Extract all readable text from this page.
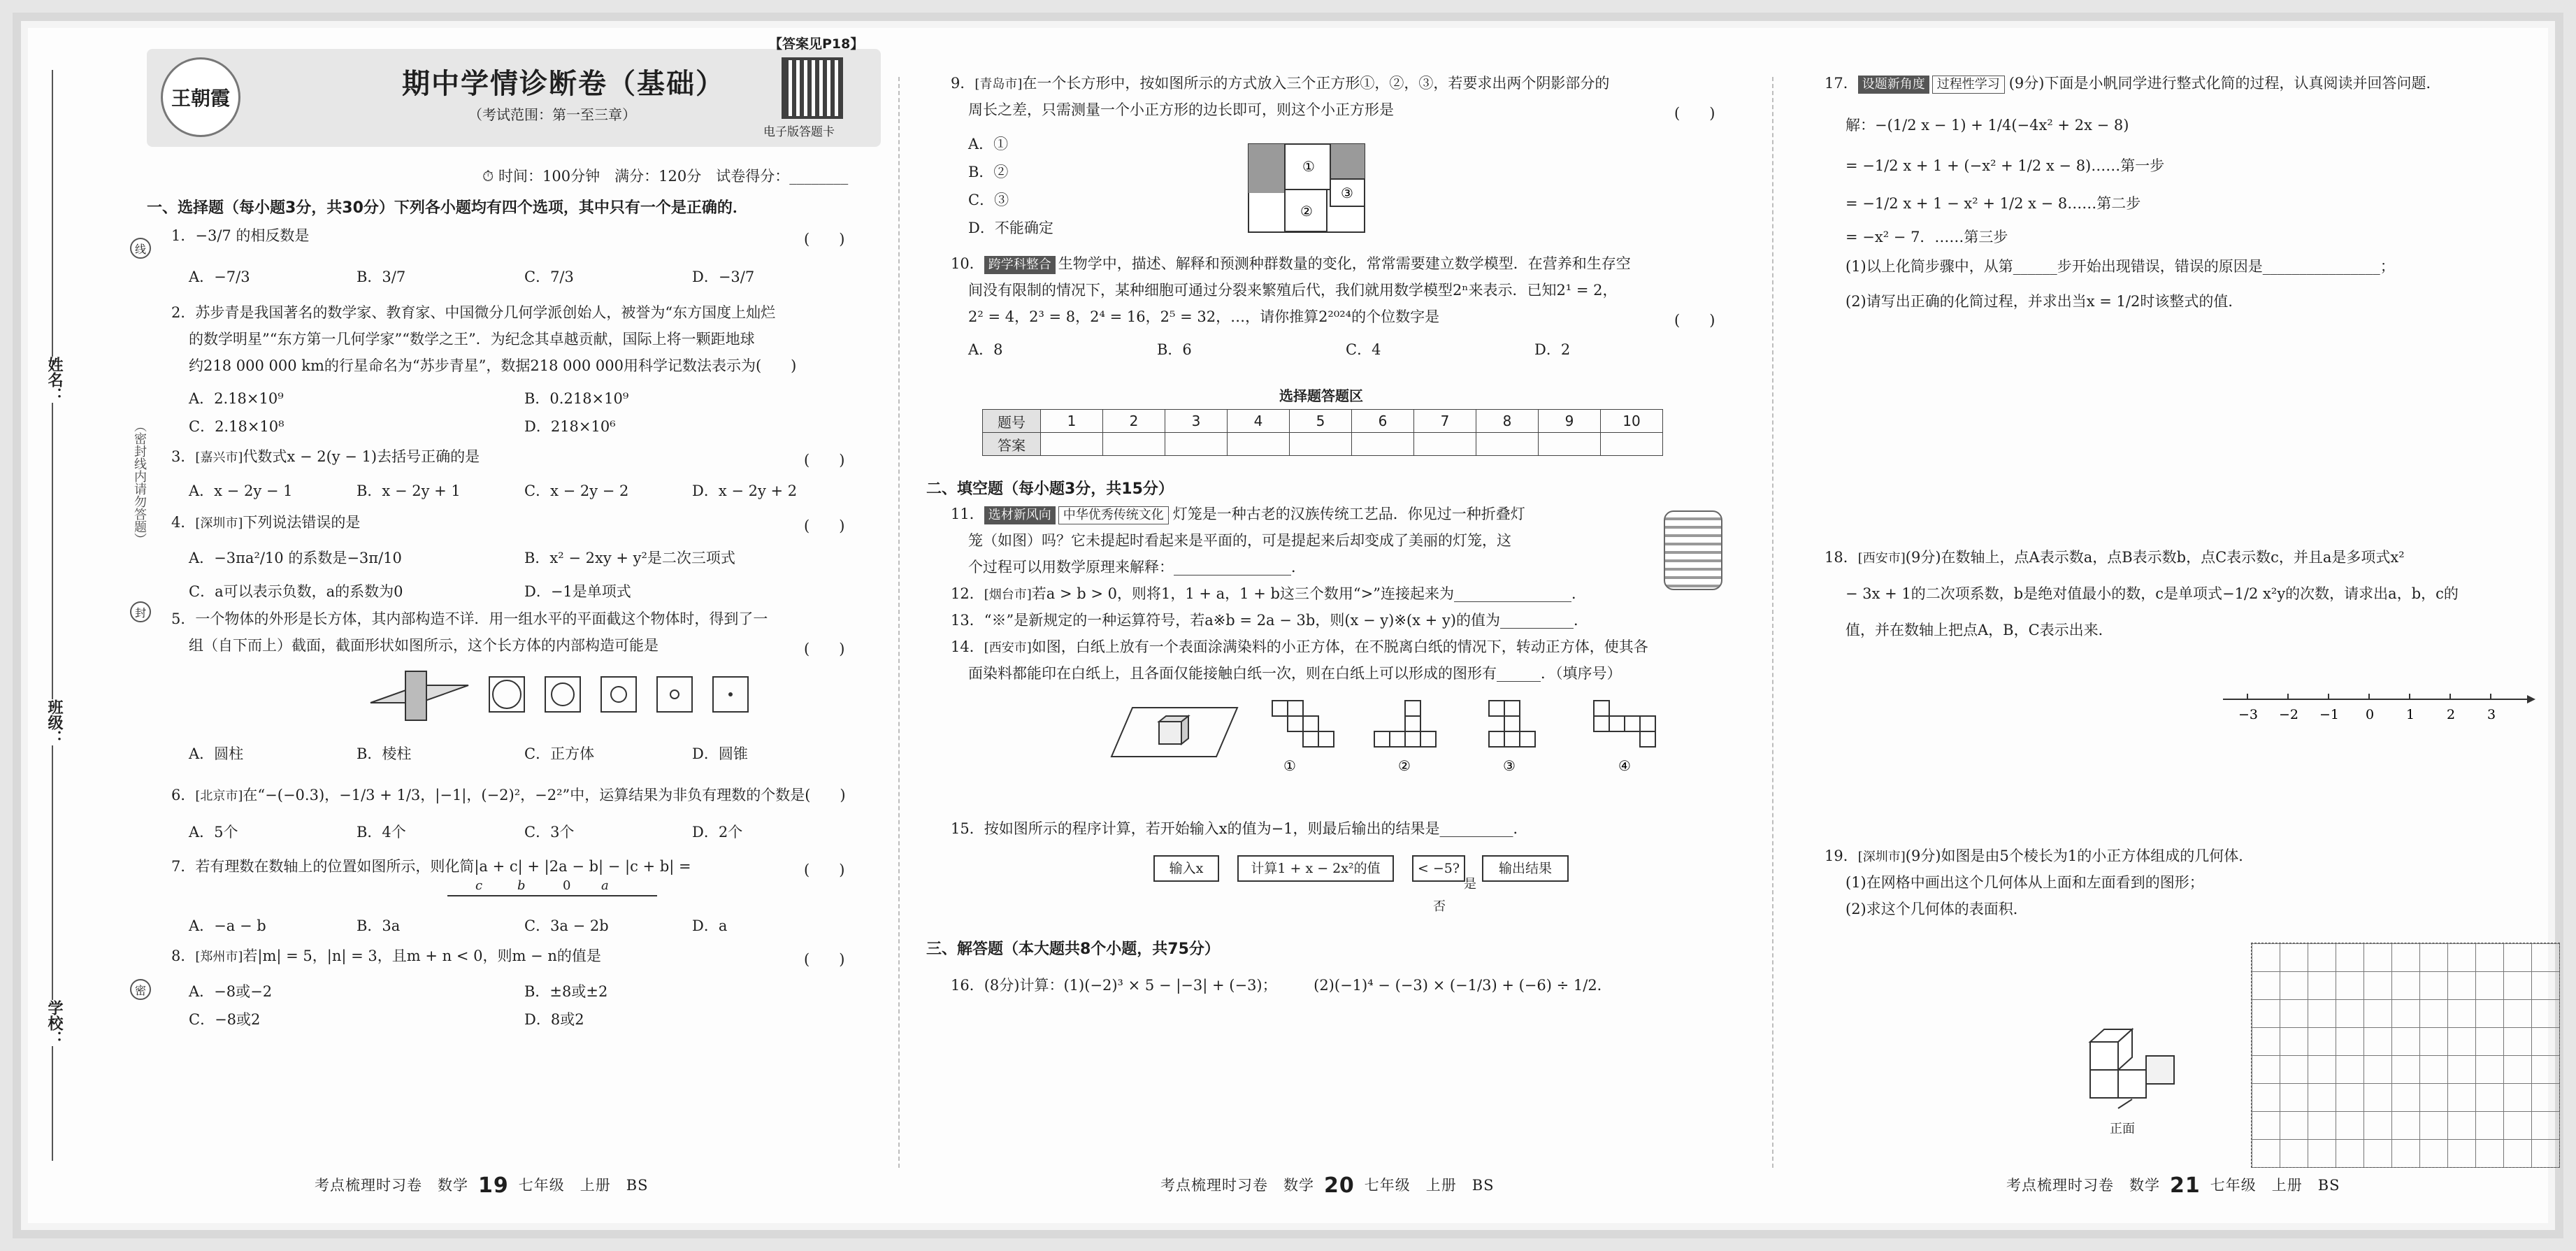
姓名：
班级：
学校：
线
封
密
（密封线内请勿答题）
王朝霞
【答案见P18】
期中学情诊断卷（基础）
（考试范围：第一至三章）
电子版答题卡
⏱ 时间：100分钟　满分：120分　试卷得分：________
一、选择题（每小题3分，共30分）下列各小题均有四个选项，其中只有一个是正确的．
1．−3/7 的相反数是	(　　)
A．−7/3	B．3/7	C．7/3	D．−3/7
2．苏步青是我国著名的数学家、教育家、中国微分几何学派创始人，被誉为“东方国度上灿烂
的数学明星”“东方第一几何学家”“数学之王”．为纪念其卓越贡献，国际上将一颗距地球
约218 000 000 km的行星命名为“苏步青星”，数据218 000 000用科学记数法表示为(　　)
A．2.18×10⁹	B．0.218×10⁹
C．2.18×10⁸	D．218×10⁶
3．[嘉兴市]代数式x − 2(y − 1)去括号正确的是	(　　)
A．x − 2y − 1	B．x − 2y + 1	C．x − 2y − 2	D．x − 2y + 2
4．[深圳市]下列说法错误的是	(　　)
A．−3πa²/10 的系数是−3π/10	B．x² − 2xy + y²是二次三项式
C．a可以表示负数，a的系数为0	D．−1是单项式
5．一个物体的外形是长方体，其内部构造不详．用一组水平的平面截这个物体时，得到了一
组（自下而上）截面，截面形状如图所示，这个长方体的内部构造可能是	(　　)
A．圆柱	B．棱柱	C．正方体	D．圆锥
6．[北京市]在“−(−0.3)，−1/3 + 1/3，|−1|，(−2)²，−2²”中，运算结果为非负有理数的个数是(　　)
A．5个	B．4个	C．3个	D．2个
7．若有理数在数轴上的位置如图所示，则化简|a + c| + |2a − b| − |c + b| =	(　　)
c	b	0 a
A．−a − b	B．3a	C．3a − 2b	D．a
8．[郑州市]若|m| = 5，|n| = 3，且m + n < 0，则m − n的值是	(　　)
A．−8或−2	B．±8或±2
C．−8或2	D．8或2
考点梳理时习卷　数学 19 七年级　上册　BS
9．[青岛市]在一个长方形中，按如图所示的方式放入三个正方形①，②，③，若要求出两个阴影部分的
周长之差，只需测量一个小正方形的边长即可，则这个小正方形是	(　　)
A．①
B．②
C．③
D．不能确定
①
②
③
10． 跨学科整合 生物学中，描述、解释和预测种群数量的变化，常常需要建立数学模型．在营养和生存空
间没有限制的情况下，某种细胞可通过分裂来繁殖后代，我们就用数学模型2ⁿ来表示．已知2¹ = 2，
2² = 4，2³ = 8，2⁴ = 16，2⁵ = 32，…，请你推算2²⁰²⁴的个位数字是	(　　)
A．8	B．6	C．4	D．2
选择题答题区
题号	1	2	3	4	5	6	7	8	9	10
答案										
二、填空题（每小题3分，共15分）
11． 选材新风向 中华优秀传统文化 灯笼是一种古老的汉族传统工艺品．你见过一种折叠灯
笼（如图）吗？它未提起时看起来是平面的，可是提起来后却变成了美丽的灯笼，这
个过程可以用数学原理来解释：________________．
12．[烟台市]若a > b > 0，则将1，1 + a，1 + b这三个数用“>”连接起来为________________．
13．“※”是新规定的一种运算符号，若a※b = 2a − 3b，则(x − y)※(x + y)的值为__________．
14．[西安市]如图，白纸上放有一个表面涂满染料的小正方体，在不脱离白纸的情况下，转动正方体，使其各
面染料都能印在白纸上，且各面仅能接触白纸一次，则在白纸上可以形成的图形有______．（填序号）
①	②	③	④
15．按如图所示的程序计算，若开始输入x的值为−1，则最后输出的结果是__________．
输入x	计算1 + x − 2x²的值	< −5?	输出结果
是
否
三、解答题（本大题共8个小题，共75分）
16．(8分)计算：(1)(−2)³ × 5 − |−3| + (−3)；　　　(2)(−1)⁴ − (−3) × (−1/3) + (−6) ÷ 1/2．
考点梳理时习卷　数学 20 七年级　上册　BS
17． 设题新角度 过程性学习 (9分)下面是小帆同学进行整式化简的过程，认真阅读并回答问题．
解：−(1/2 x − 1) + 1/4(−4x² + 2x − 8)
= −1/2 x + 1 + (−x² + 1/2 x − 8)……第一步
= −1/2 x + 1 − x² + 1/2 x − 8……第二步
= −x² − 7．……第三步
(1)以上化简步骤中，从第______步开始出现错误，错误的原因是________________；
(2)请写出正确的化简过程，并求出当x = 1/2时该整式的值．
18．[西安市](9分)在数轴上，点A表示数a，点B表示数b，点C表示数c，并且a是多项式x²
− 3x + 1的二次项系数，b是绝对值最小的数，c是单项式−1/2 x²y的次数，请求出a，b，c的
值，并在数轴上把点A，B，C表示出来．
−3 −2 −1 0 1 2 3
19．[深圳市](9分)如图是由5个棱长为1的小正方体组成的几何体．
(1)在网格中画出这个几何体从上面和左面看到的图形；
(2)求这个几何体的表面积．
正面
考点梳理时习卷　数学 21 七年级　上册　BS
